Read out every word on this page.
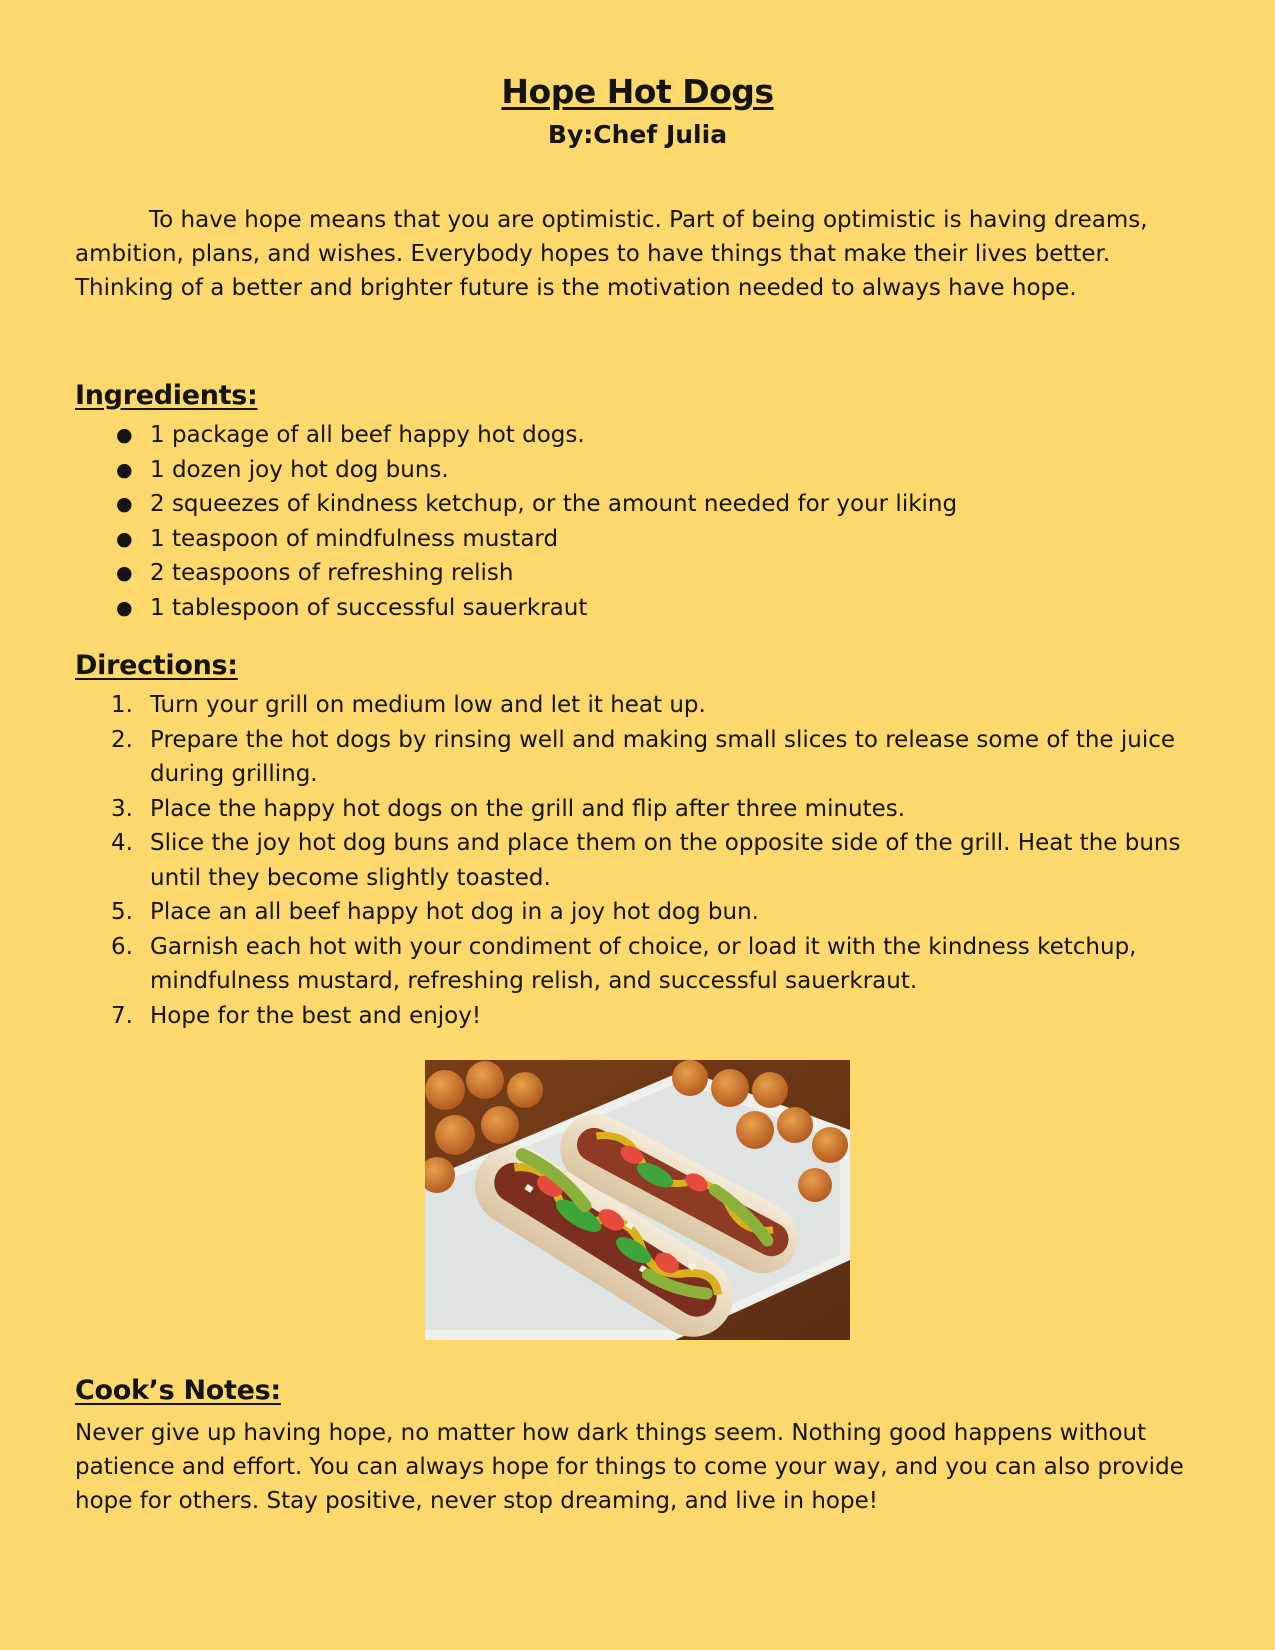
Hope Hot Dogs
By:Chef Julia

To have hope means that you are optimistic. Part of being optimistic is having dreams, ambition, plans, and wishes. Everybody hopes to have things that make their lives better. Thinking of a better and brighter future is the motivation needed to always have hope.

Ingredients:
● 1 package of all beef happy hot dogs.
● 1 dozen joy hot dog buns.
● 2 squeezes of kindness ketchup, or the amount needed for your liking
● 1 teaspoon of mindfulness mustard
● 2 teaspoons of refreshing relish
● 1 tablespoon of successful sauerkraut
Directions:
1. Turn your grill on medium low and let it heat up.
2. Prepare the hot dogs by rinsing well and making small slices to release some of the juice during grilling.
3. Place the happy hot dogs on the grill and flip after three minutes.
4. Slice the joy hot dog buns and place them on the opposite side of the grill. Heat the buns until they become slightly toasted.
5. Place an all beef happy hot dog in a joy hot dog bun.
6. Garnish each hot with your condiment of choice, or load it with the kindness ketchup, mindfulness mustard, refreshing relish, and successful sauerkraut.
7. Hope for the best and enjoy!
Cook’s Notes:

Never give up having hope, no matter how dark things seem. Nothing good happens without patience and effort. You can always hope for things to come your way, and you can also provide hope for others. Stay positive, never stop dreaming, and live in hope!
